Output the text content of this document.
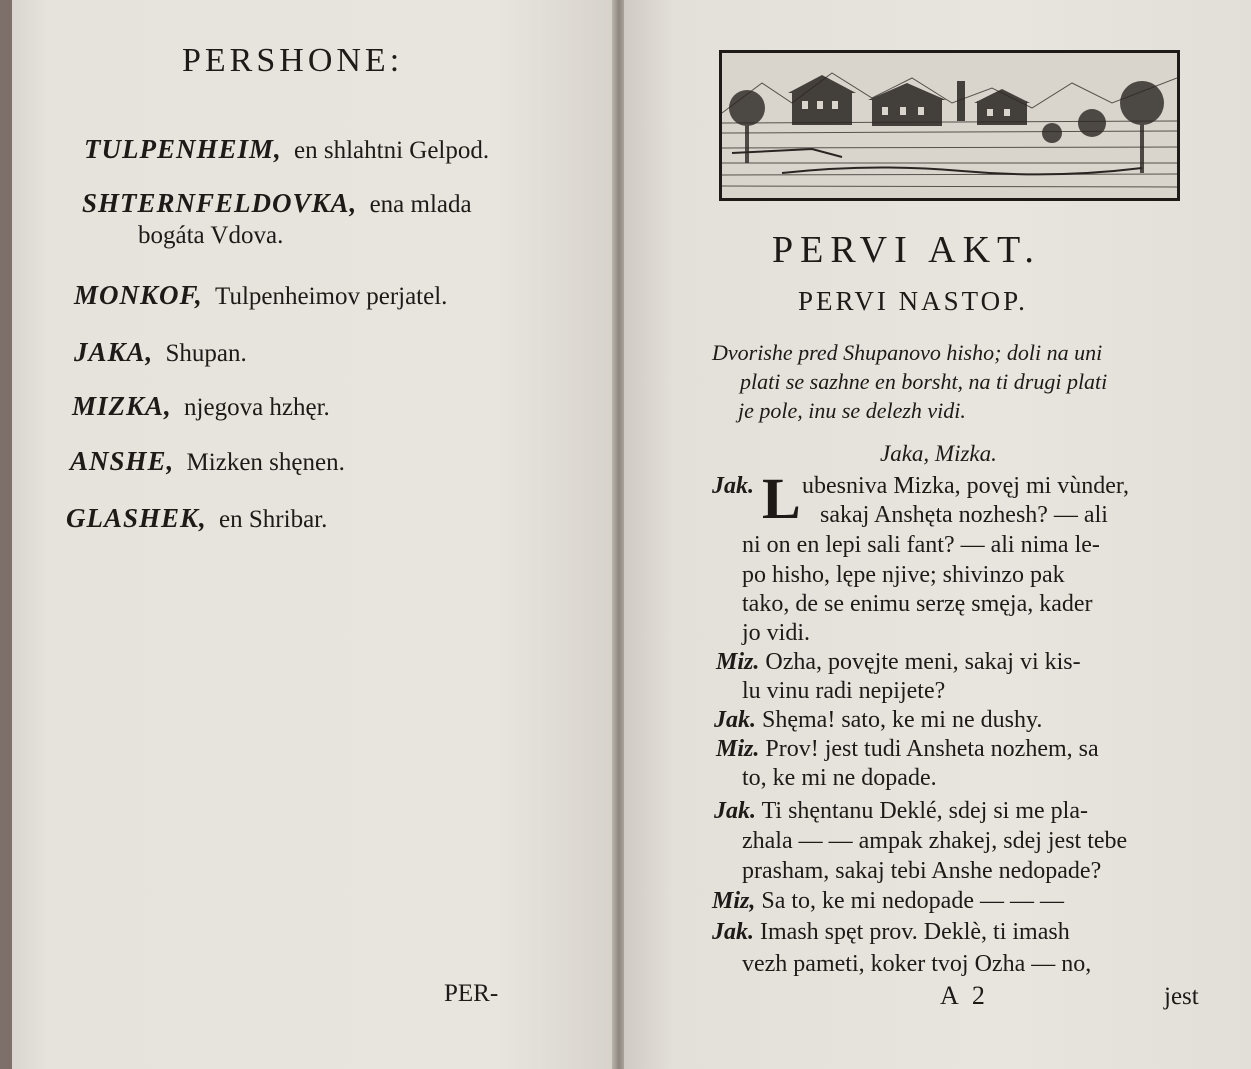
PERSHONE:
TULPENHEIM, en shlahtni Gelpod.
SHTERNFELDOVKA, ena mlada
bogáta Vdova.
MONKOF, Tulpenheimov perjatel.
JAKA, Shupan.
MIZKA, njegova hzhęr.
ANSHE, Mizken shęnen.
GLASHEK, en Shribar.
PER-
PERVI AKT.
PERVI NASTOP.
Dvorishe pred Shupanovo hisho; doli na uni
plati se sazhne en borsht, na ti drugi plati
je pole, inu se delezh vidi.
Jaka, Mizka.
Jak. L ubesniva Mizka, povęj mi vùnder,
sakaj Anshęta nozhesh? — ali
ni on en lepi sali fant? — ali nima le-
po hisho, lępe njive; shivinzo pak
tako, de se enimu serzę smęja, kader
jo vidi.
Miz. Ozha, povęjte meni, sakaj vi kis-
lu vinu radi nepijete?
Jak. Shęma! sato, ke mi ne dushy.
Miz. Prov! jest tudi Ansheta nozhem, sa
to, ke mi ne dopade.
Jak. Ti shęntanu Deklé, sdej si me pla-
zhala — — ampak zhakej, sdej jest tebe
prasham, sakaj tebi Anshe nedopade?
Miz, Sa to, ke mi nedopade — — —
Jak. Imash spęt prov. Deklè, ti imash
vezh pameti, koker tvoj Ozha — no,
A 2	jest
